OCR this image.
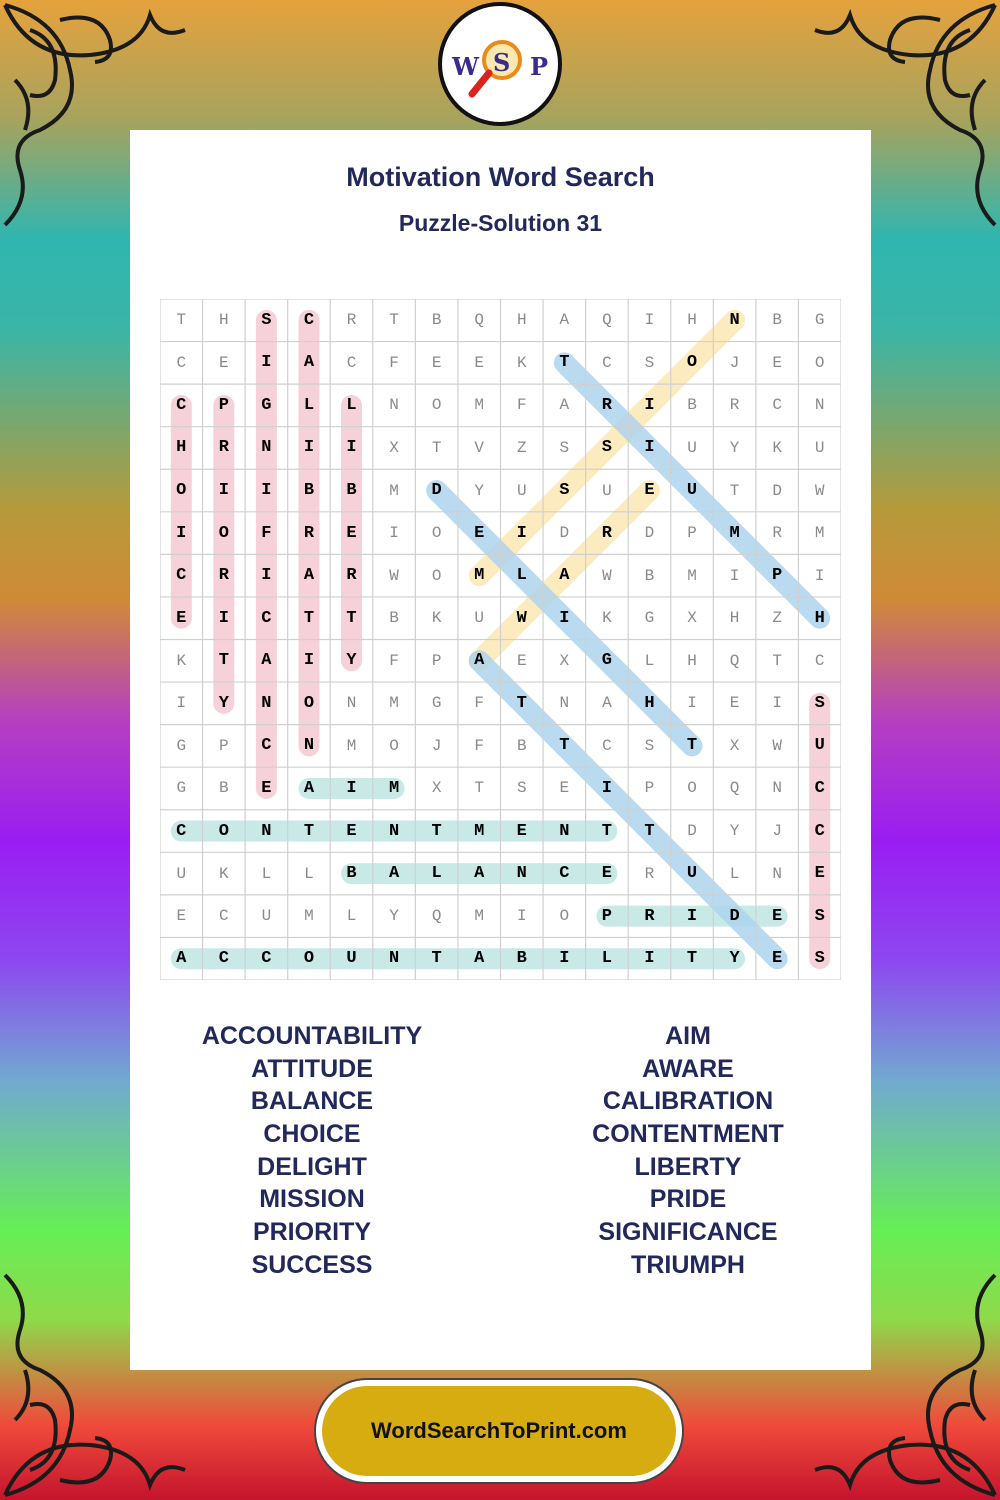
W S P
Motivation Word Search
Puzzle-Solution 31
T	H	S	C	R	T	B	Q	H	A	Q	I	H	N	B	G
C	E	I	A	C	F	E	E	K	T	C	S	O	J	E	O
C	P	G	L	L	N	O	M	F	A	R	I	B	R	C	N
H	R	N	I	I	X	T	V	Z	S	S	I	U	Y	K	U
O	I	I	B	B	M	D	Y	U	S	U	E	U	T	D	W
I	O	F	R	E	I	O	E	I	D	R	D	P	M	R	M
C	R	I	A	R	W	O	M	L	A	W	B	M	I	P	I
E	I	C	T	T	B	K	U	W	I	K	G	X	H	Z	H
K	T	A	I	Y	F	P	A	E	X	G	L	H	Q	T	C
I	Y	N	O	N	M	G	F	T	N	A	H	I	E	I	S
G	P	C	N	M	O	J	F	B	T	C	S	T	X	W	U
G	B	E	A	I	M	X	T	S	E	I	P	O	Q	N	C
C	O	N	T	E	N	T	M	E	N	T	T	D	Y	J	C
U	K	L	L	B	A	L	A	N	C	E	R	U	L	N	E
E	C	U	M	L	Y	Q	M	I	O	P	R	I	D	E	S
A	C	C	O	U	N	T	A	B	I	L	I	T	Y	E	S
ACCOUNTABILITY
ATTITUDE
BALANCE
CHOICE
DELIGHT
MISSION
PRIORITY
SUCCESS
AIM
AWARE
CALIBRATION
CONTENTMENT
LIBERTY
PRIDE
SIGNIFICANCE
TRIUMPH
WordSearchToPrint.com
